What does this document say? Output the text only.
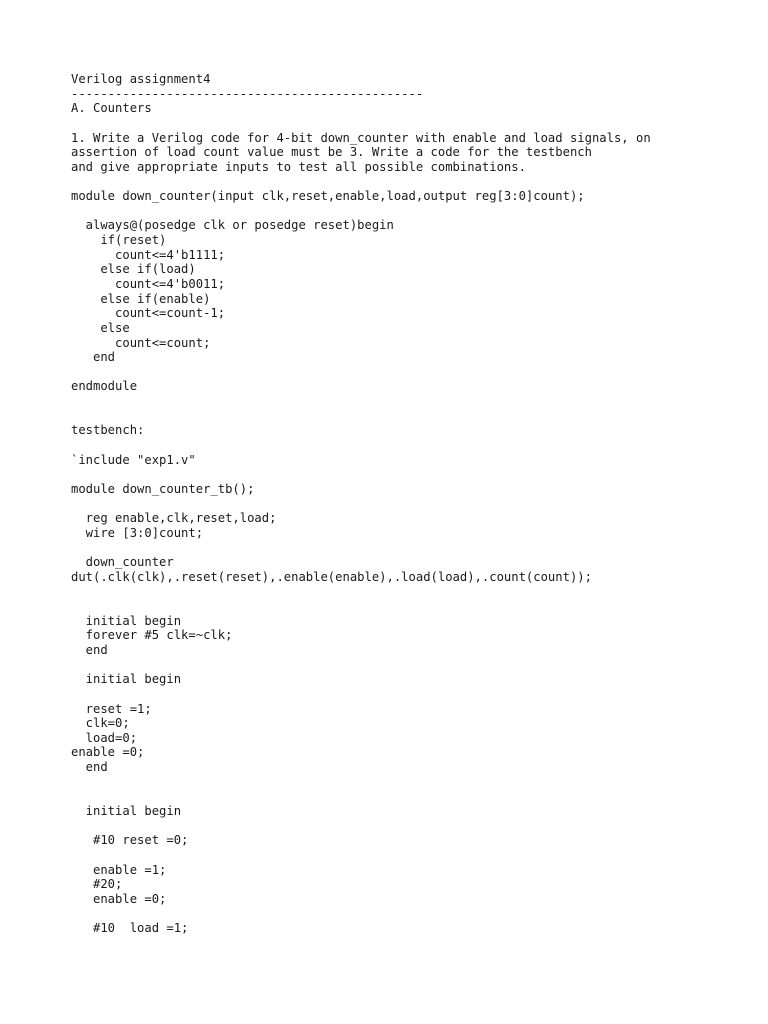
Verilog assignment4
------------------------------------------------
A. Counters
1. Write a Verilog code for 4-bit down_counter with enable and load signals, on
assertion of load count value must be 3. Write a code for the testbench
and give appropriate inputs to test all possible combinations.
module down_counter(input clk,reset,enable,load,output reg[3:0]count);
always@(posedge clk or posedge reset)begin
if(reset)
count<=4'b1111;
else if(load)
count<=4'b0011;
else if(enable)
count<=count-1;
else
count<=count;
end
endmodule
testbench:
`include "exp1.v"
module down_counter_tb();
reg enable,clk,reset,load;
wire [3:0]count;
down_counter
dut(.clk(clk),.reset(reset),.enable(enable),.load(load),.count(count));
initial begin
forever #5 clk=~clk;
end
initial begin
reset =1;
clk=0;
load=0;
enable =0;
end
initial begin
#10 reset =0;
enable =1;
#20;
enable =0;
#10  load =1;
